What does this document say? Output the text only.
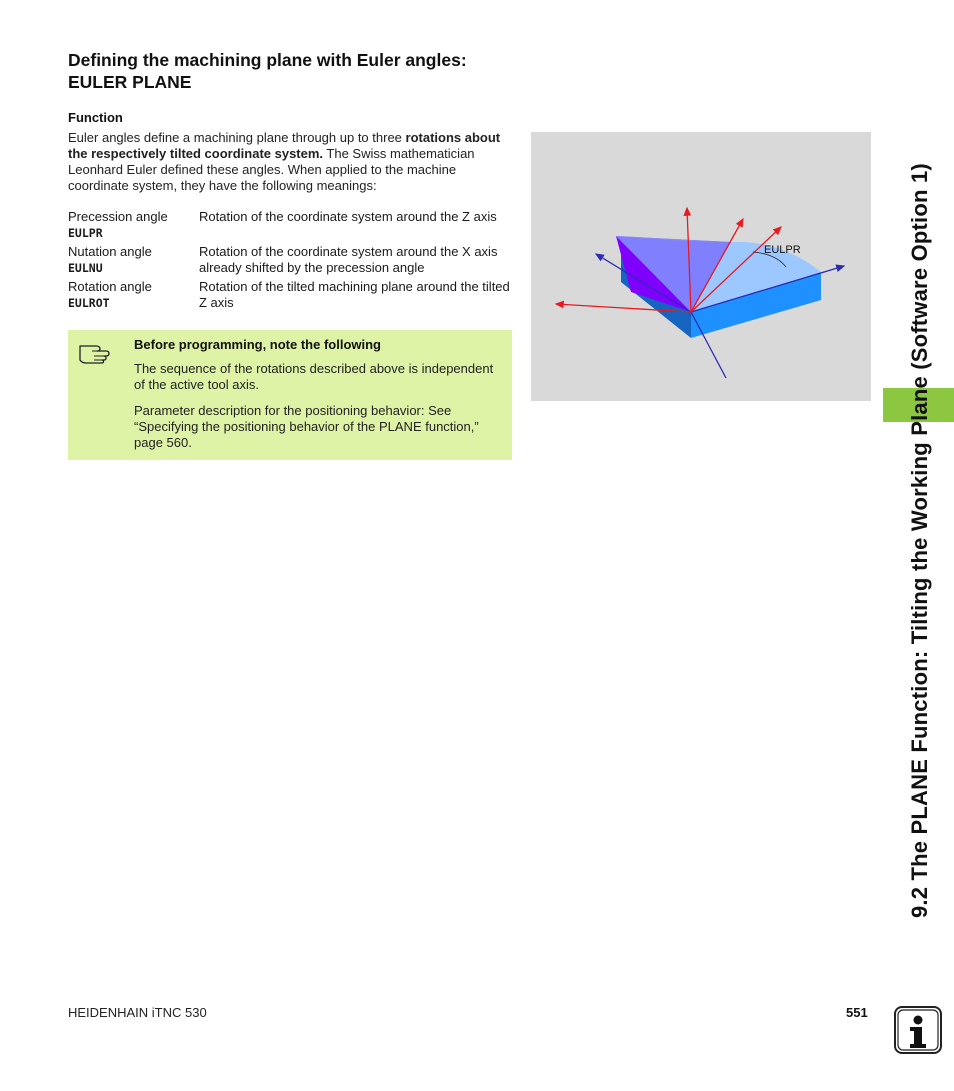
Defining the machining plane with Euler angles:
EULER PLANE
Function
Euler angles define a machining plane through up to three rotations about the respectively tilted coordinate system. The Swiss mathematician Leonhard Euler defined these angles. When applied to the machine coordinate system, they have the following meanings:
Precession angle
EULPR
Rotation of the coordinate system around the Z axis
Nutation angle
EULNU
Rotation of the coordinate system around the X axis already shifted by the precession angle
Rotation angle
EULROT
Rotation of the tilted machining plane around the tilted Z axis
Before programming, note the following
The sequence of the rotations described above is independent of the active tool axis.
Parameter description for the positioning behavior: See “Specifying the positioning behavior of the PLANE function,” page 560.
EULPR	9.2 The PLANE Function: Tilting the Working Plane (Software Option 1)
HEIDENHAIN iTNC 530	551
